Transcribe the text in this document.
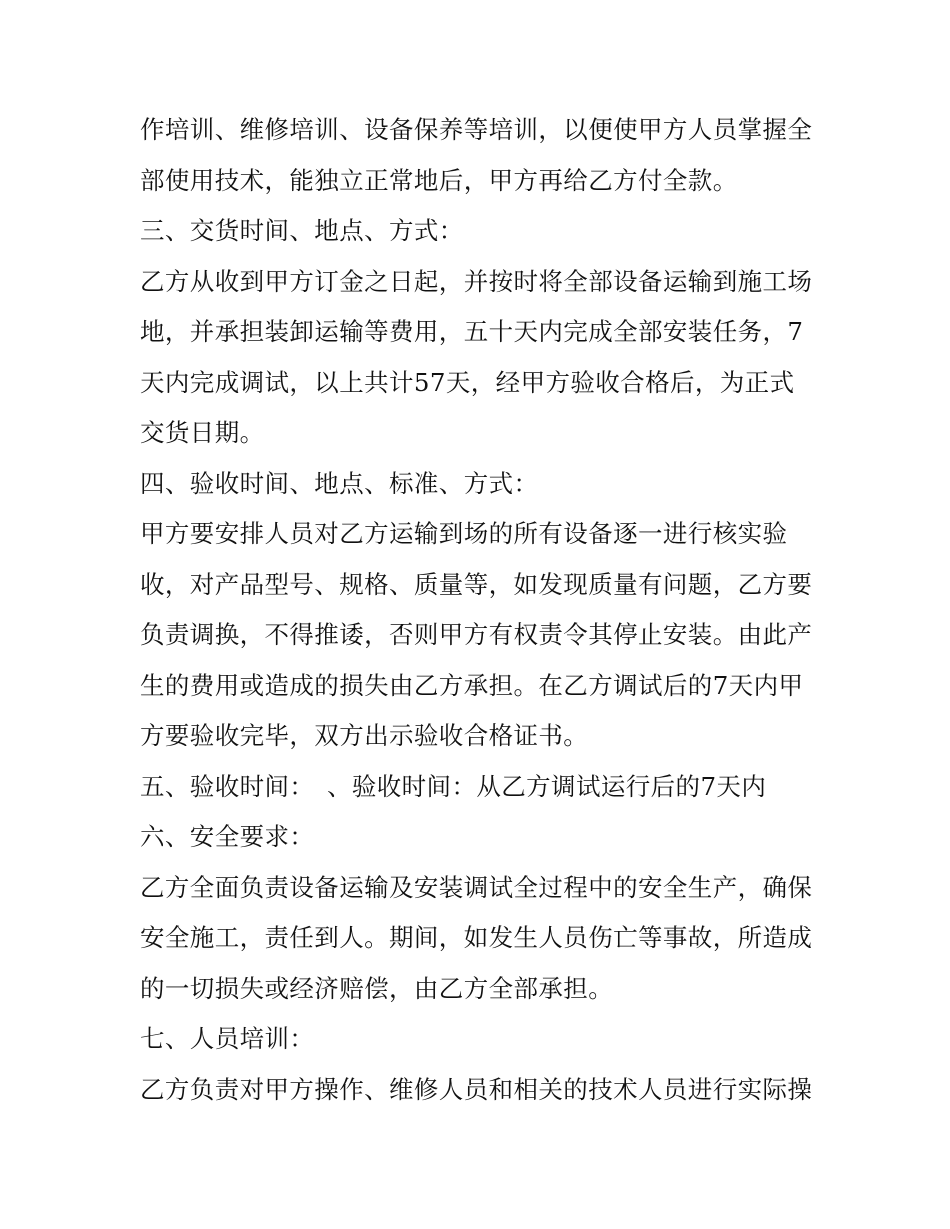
作培训、维修培训、设备保养等培训，以便使甲方人员掌握全
部使用技术，能独立正常地后，甲方再给乙方付全款。
三、交货时间、地点、方式：
乙方从收到甲方订金之日起，并按时将全部设备运输到施工场
地，并承担装卸运输等费用，五十天内完成全部安装任务，7
天内完成调试，以上共计57天，经甲方验收合格后，为正式
交货日期。
四、验收时间、地点、标准、方式：
甲方要安排人员对乙方运输到场的所有设备逐一进行核实验
收，对产品型号、规格、质量等，如发现质量有问题，乙方要
负责调换，不得推诿，否则甲方有权责令其停止安装。由此产
生的费用或造成的损失由乙方承担。在乙方调试后的7天内甲
方要验收完毕，双方出示验收合格证书。
五、验收时间：　、验收时间：从乙方调试运行后的7天内
六、安全要求：
乙方全面负责设备运输及安装调试全过程中的安全生产，确保
安全施工，责任到人。期间，如发生人员伤亡等事故，所造成
的一切损失或经济赔偿，由乙方全部承担。
七、人员培训：
乙方负责对甲方操作、维修人员和相关的技术人员进行实际操
